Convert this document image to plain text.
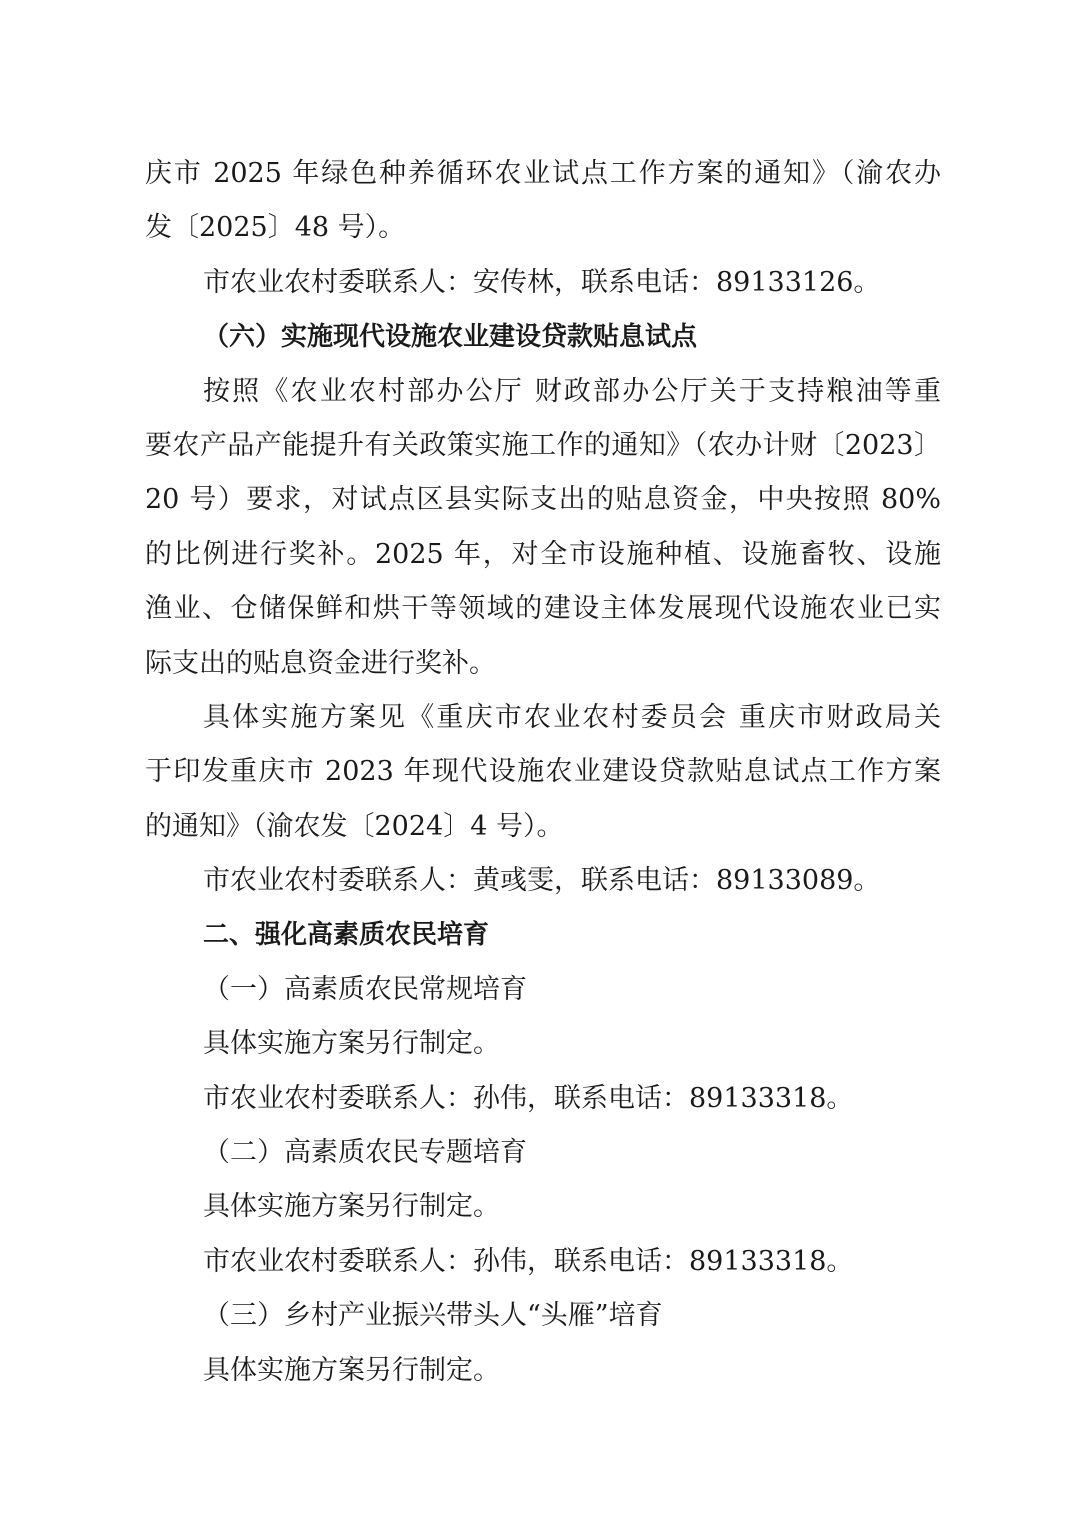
庆市 2025 年绿色种养循环农业试点工作方案的通知》（渝农办
发〔2025〕48 号）。
市农业农村委联系人：安传林，联系电话：89133126。
（六）实施现代设施农业建设贷款贴息试点
按照《农业农村部办公厅 财政部办公厅关于支持粮油等重
要农产品产能提升有关政策实施工作的通知》（农办计财〔2023〕
20 号）要求，对试点区县实际支出的贴息资金，中央按照 80%
的比例进行奖补。2025 年，对全市设施种植、设施畜牧、设施
渔业、仓储保鲜和烘干等领域的建设主体发展现代设施农业已实
际支出的贴息资金进行奖补。
具体实施方案见《重庆市农业农村委员会 重庆市财政局关
于印发重庆市 2023 年现代设施农业建设贷款贴息试点工作方案
的通知》（渝农发〔2024〕4 号）。
市农业农村委联系人：黄彧雯，联系电话：89133089。
二、强化高素质农民培育
（一）高素质农民常规培育
具体实施方案另行制定。
市农业农村委联系人：孙伟，联系电话：89133318。
（二）高素质农民专题培育
具体实施方案另行制定。
市农业农村委联系人：孙伟，联系电话：89133318。
（三）乡村产业振兴带头人“头雁”培育
具体实施方案另行制定。
